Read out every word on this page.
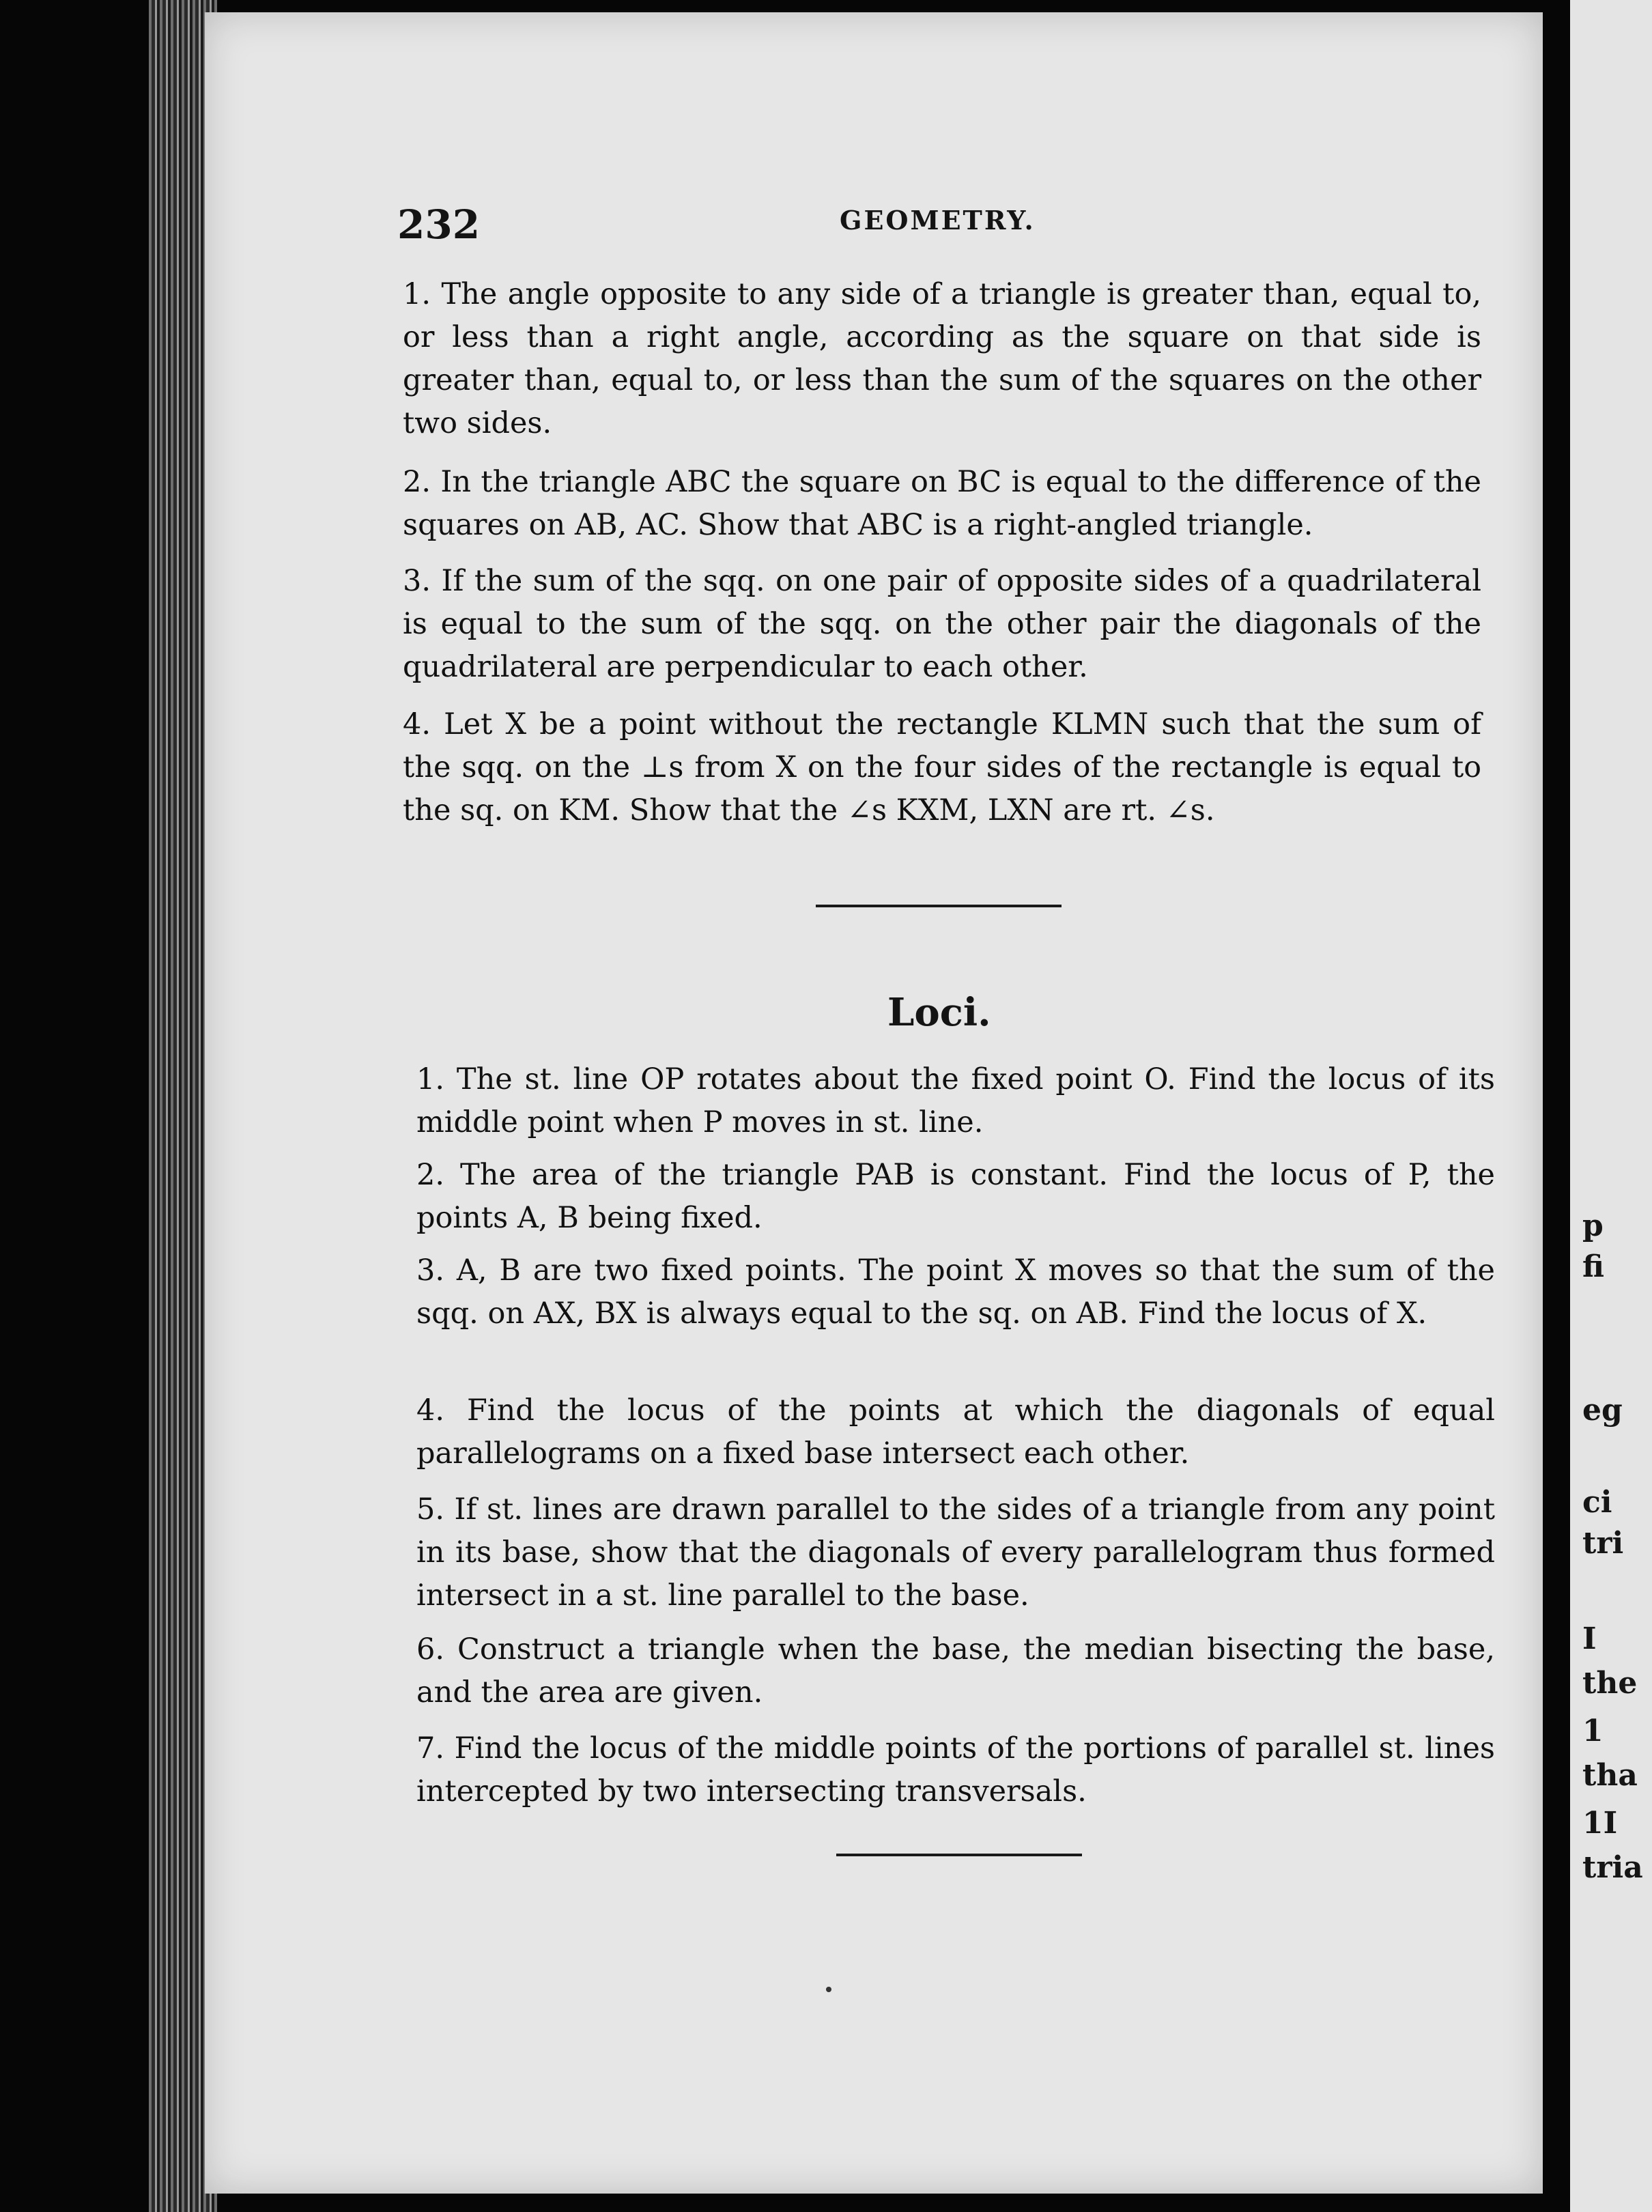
p
fi
eg
ci
tri
I
the
1
tha
1I
tria
232	GEOMETRY.
1. The angle opposite to any side of a triangle is greater than, equal to, or less than a right angle, according as the square on that side is greater than, equal to, or less than the sum of the squares on the other two sides.
2. In the triangle ABC the square on BC is equal to the difference of the squares on AB, AC. Show that ABC is a right-angled triangle.
3. If the sum of the sqq. on one pair of opposite sides of a quadrilateral is equal to the sum of the sqq. on the other pair the diagonals of the quadrilateral are perpendicular to each other.
4. Let X be a point without the rectangle KLMN such that the sum of the sqq. on the ⊥s from X on the four sides of the rectangle is equal to the sq. on KM. Show that the ∠s KXM, LXN are rt. ∠s.
Loci.
1. The st. line OP rotates about the fixed point O. Find the locus of its middle point when P moves in st. line.
2. The area of the triangle PAB is constant. Find the locus of P, the points A, B being fixed.
3. A, B are two fixed points. The point X moves so that the sum of the sqq. on AX, BX is always equal to the sq. on AB. Find the locus of X.
4. Find the locus of the points at which the diagonals of equal parallelograms on a fixed base intersect each other.
5. If st. lines are drawn parallel to the sides of a triangle from any point in its base, show that the diagonals of every parallelogram thus formed intersect in a st. line parallel to the base.
6. Construct a triangle when the base, the median bisecting the base, and the area are given.
7. Find the locus of the middle points of the portions of parallel st. lines intercepted by two intersecting transversals.
